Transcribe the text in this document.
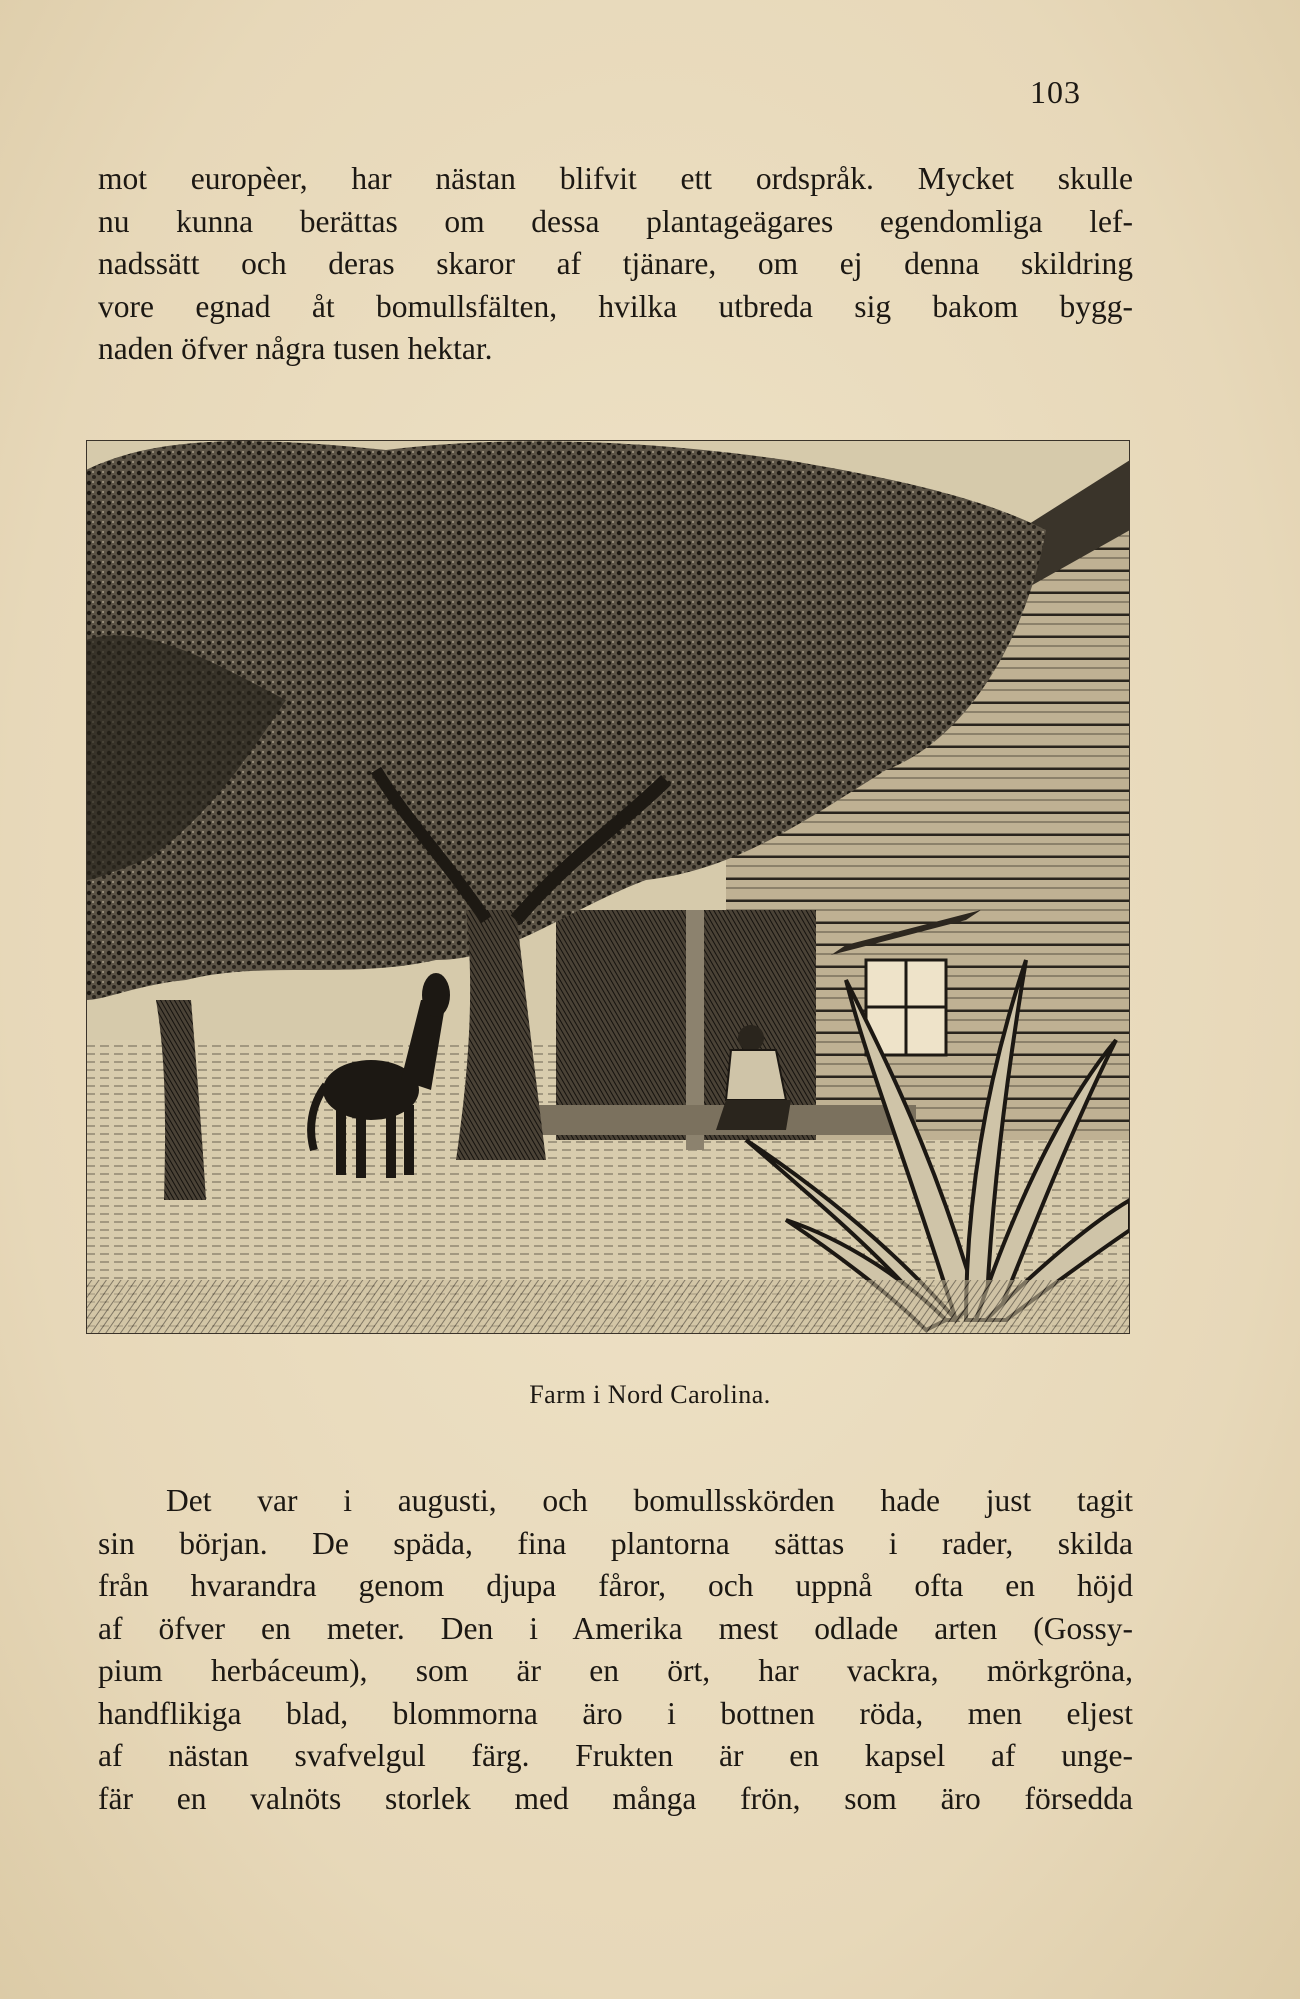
103
mot europèer, har nästan blifvit ett ordspråk. Mycket skulle
nu kunna berättas om dessa plantageägares egendomliga lef-
nadssätt och deras skaror af tjänare, om ej denna skildring
vore egnad åt bomullsfälten, hvilka utbreda sig bakom bygg-
naden öfver några tusen hektar.
Farm i Nord Carolina.
Det var i augusti, och bomullsskörden hade just tagit
sin början. De späda, fina plantorna sättas i rader, skilda
från hvarandra genom djupa fåror, och uppnå ofta en höjd
af öfver en meter. Den i Amerika mest odlade arten (Gossy-
pium herbáceum), som är en ört, har vackra, mörkgröna,
handflikiga blad, blommorna äro i bottnen röda, men eljest
af nästan svafvelgul färg. Frukten är en kapsel af unge-
fär en valnöts storlek med många frön, som äro försedda
